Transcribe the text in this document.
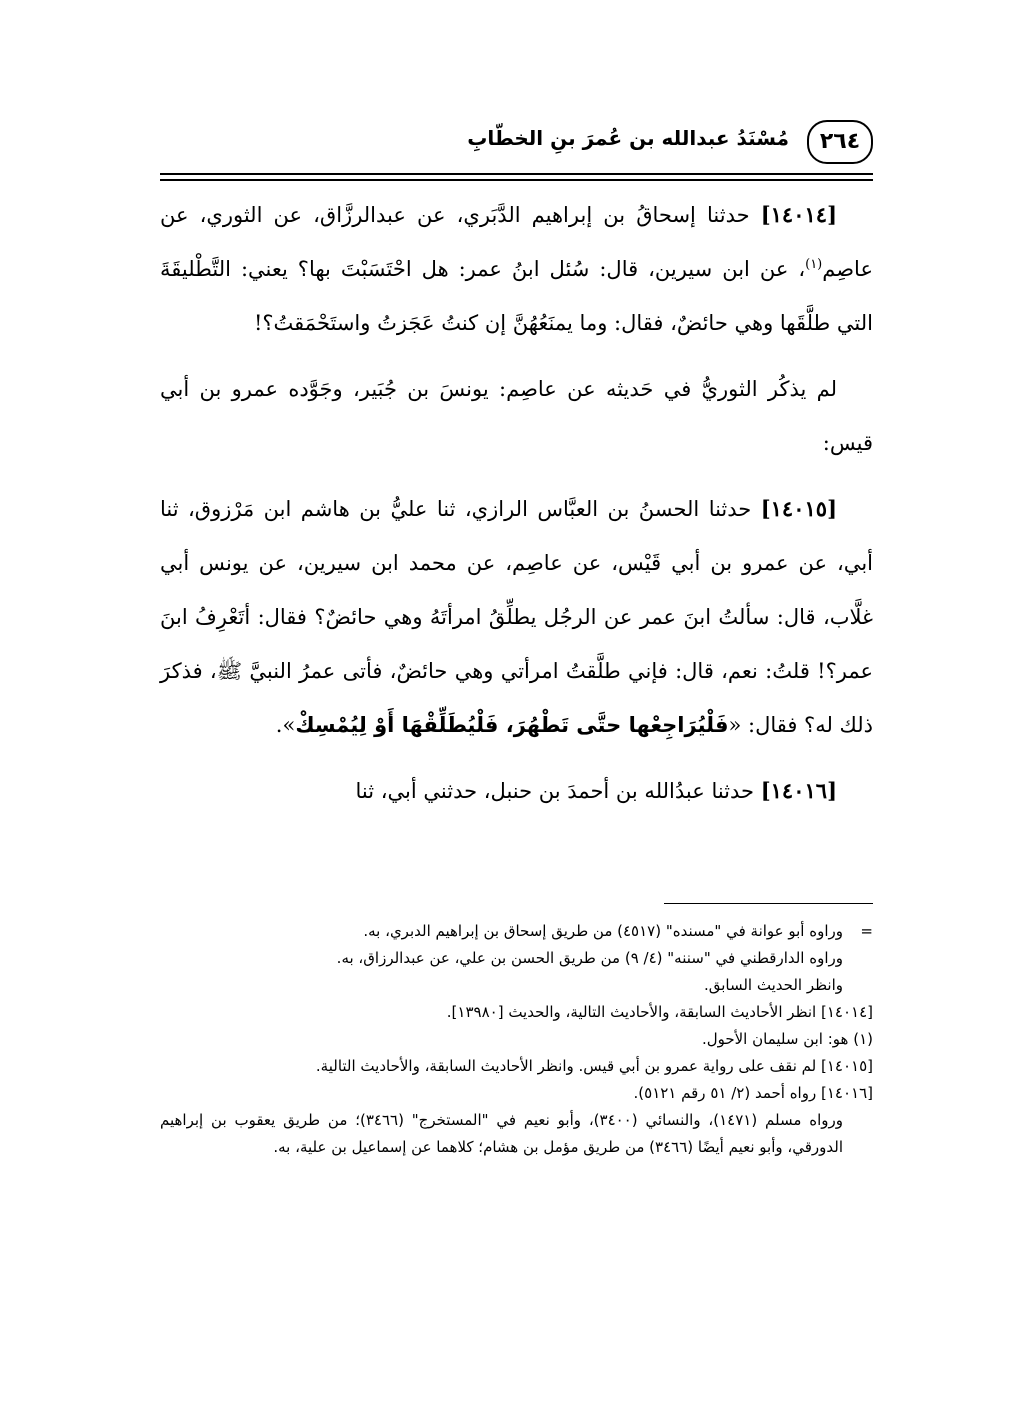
٢٦٤
مُسْنَدُ عبدالله بن عُمرَ بنِ الخطّابِ

[١٤٠١٤] حدثنا إسحاقُ بن إبراهيم الدَّبَري، عن عبدالرزَّاق، عن الثوري، عن عاصِم$^{(١)}$، عن ابن سيرين، قال: سُئل ابنُ عمر: هل احْتَسَبْتَ بها؟ يعني: التَّطْليقَةَ التي طلَّقَها وهي حائضٌ، فقال: وما يمنَعُهُنَّ إن كنتُ عَجَزتُ واستَحْمَقتُ؟!

لم يذكُر الثوريُّ في حَديثه عن عاصِم: يونسَ بن جُبَير، وجَوَّده عمرو بن أبي قيس:

[١٤٠١٥] حدثنا الحسنُ بن العبَّاس الرازي، ثنا عليُّ بن هاشم ابن مَرْزوق، ثنا أبي، عن عمرو بن أبي قَيْس، عن عاصِم، عن محمد ابن سيرين، عن يونس أبي غلَّاب، قال: سألتُ ابنَ عمر عن الرجُل يطلِّقُ امرأتَهُ وهي حائضٌ؟ فقال: أتَعْرِفُ ابنَ عمر؟! قلتُ: نعم، قال: فإني طلَّقتُ امرأتي وهي حائضٌ، فأتى عمرُ النبيَّ ﷺ، فذكرَ ذلك له؟ فقال: «فَلْيُرَاجِعْها حتَّى تَطْهُرَ، فَلْيُطَلِّقْهَا أَوْ لِيُمْسِكْ».

[١٤٠١٦] حدثنا عبدُالله بن أحمدَ بن حنبل، حدثني أبي، ثنا

=
وراوه أبو عوانة في "مسنده" (٤٥١٧) من طريق إسحاق بن إبراهيم الدبري، به.

وراوه الدارقطني في "سننه" (٤/ ٩) من طريق الحسن بن علي، عن عبدالرزاق، به.

وانظر الحديث السابق.

[١٤٠١٤] انظر الأحاديث السابقة، والأحاديث التالية، والحديث [١٣٩٨٠].

(١) هو: ابن سليمان الأحول.

[١٤٠١٥] لم نقف على رواية عمرو بن أبي قيس. وانظر الأحاديث السابقة، والأحاديث التالية.

[١٤٠١٦] رواه أحمد (٢/ ٥١ رقم ٥١٢١).

ورواه مسلم (١٤٧١)، والنسائي (٣٤٠٠)، وأبو نعيم في "المستخرج" (٣٤٦٦)؛ من طريق يعقوب بن إبراهيم الدورقي، وأبو نعيم أيضًا (٣٤٦٦) من طريق مؤمل بن هشام؛ كلاهما عن إسماعيل بن علية، به.
